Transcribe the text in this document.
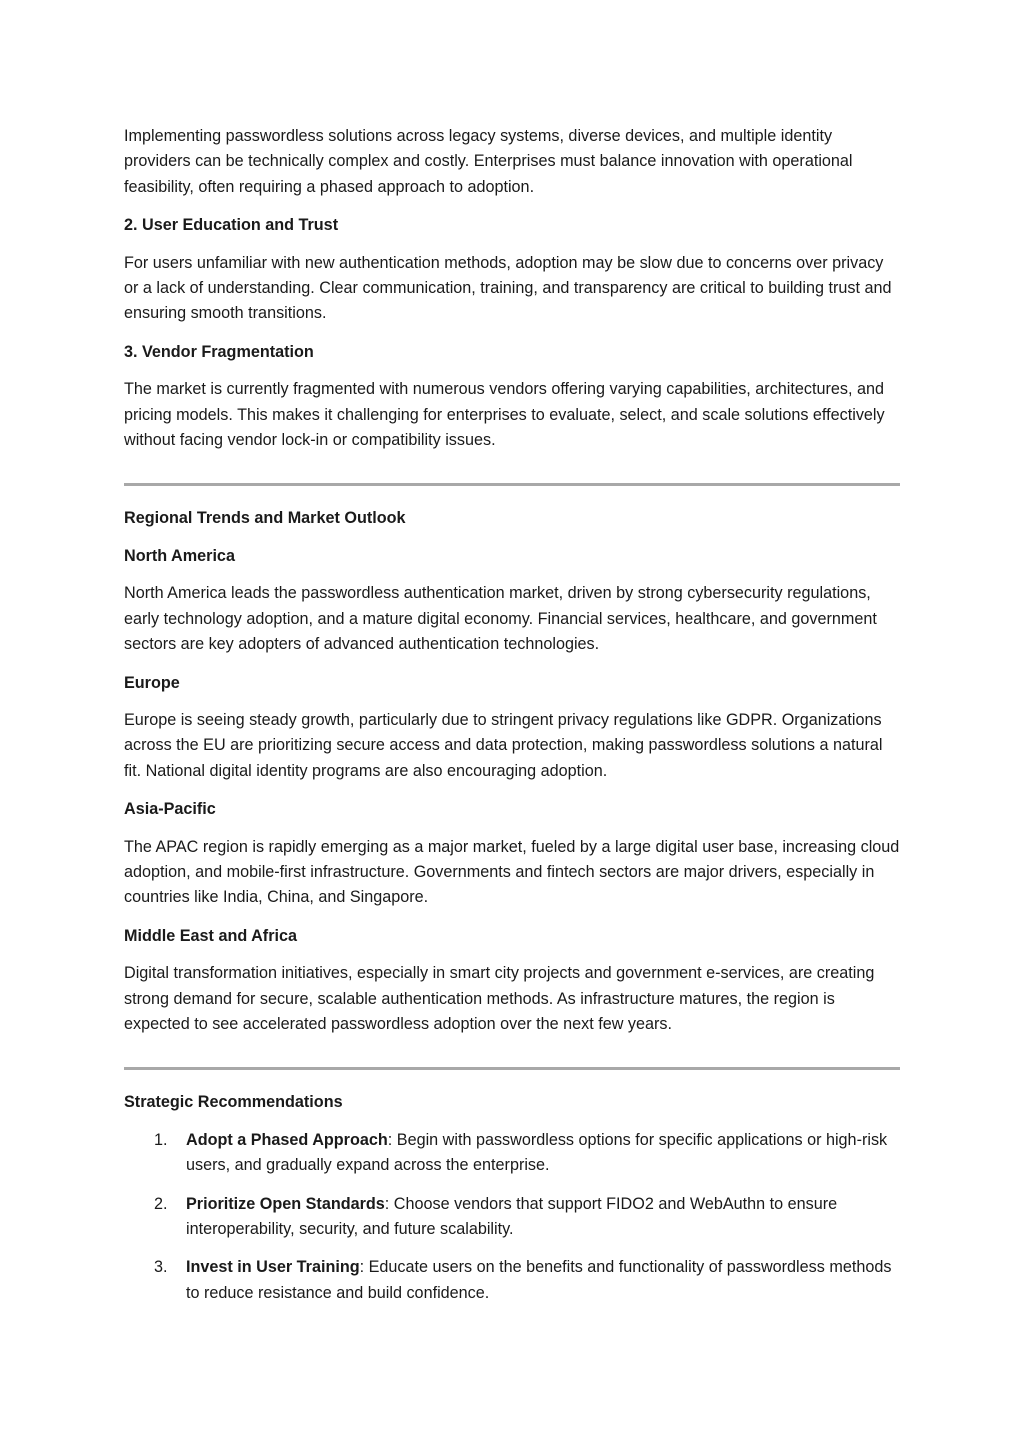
Implementing passwordless solutions across legacy systems, diverse devices, and multiple identity providers can be technically complex and costly. Enterprises must balance innovation with operational feasibility, often requiring a phased approach to adoption.

2. User Education and Trust

For users unfamiliar with new authentication methods, adoption may be slow due to concerns over privacy or a lack of understanding. Clear communication, training, and transparency are critical to building trust and ensuring smooth transitions.

3. Vendor Fragmentation

The market is currently fragmented with numerous vendors offering varying capabilities, architectures, and pricing models. This makes it challenging for enterprises to evaluate, select, and scale solutions effectively without facing vendor lock-in or compatibility issues.

Regional Trends and Market Outlook

North America

North America leads the passwordless authentication market, driven by strong cybersecurity regulations, early technology adoption, and a mature digital economy. Financial services, healthcare, and government sectors are key adopters of advanced authentication technologies.

Europe

Europe is seeing steady growth, particularly due to stringent privacy regulations like GDPR. Organizations across the EU are prioritizing secure access and data protection, making passwordless solutions a natural fit. National digital identity programs are also encouraging adoption.

Asia-Pacific

The APAC region is rapidly emerging as a major market, fueled by a large digital user base, increasing cloud adoption, and mobile-first infrastructure. Governments and fintech sectors are major drivers, especially in countries like India, China, and Singapore.

Middle East and Africa

Digital transformation initiatives, especially in smart city projects and government e-services, are creating strong demand for secure, scalable authentication methods. As infrastructure matures, the region is expected to see accelerated passwordless adoption over the next few years.

Strategic Recommendations

1. Adopt a Phased Approach: Begin with passwordless options for specific applications or high-risk users, and gradually expand across the enterprise.
2. Prioritize Open Standards: Choose vendors that support FIDO2 and WebAuthn to ensure interoperability, security, and future scalability.
3. Invest in User Training: Educate users on the benefits and functionality of passwordless methods to reduce resistance and build confidence.
